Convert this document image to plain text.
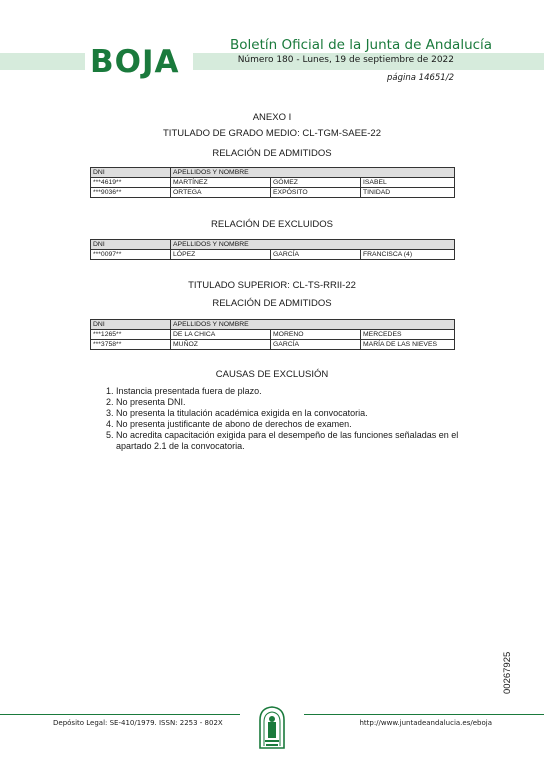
BOJA	Boletín Oficial de la Junta de Andalucía
Número 180 - Lunes, 19 de septiembre de 2022
página 14651/2
ANEXO I
TITULADO DE GRADO MEDIO: CL-TGM-SAEE-22
RELACIÓN DE ADMITIDOS
DNI	APELLIDOS Y NOMBRE		
***4619**	MARTÍNEZ	GÓMEZ	ISABEL
***9036**	ORTEGA	EXPÓSITO	TINIDAD
RELACIÓN DE EXCLUIDOS
DNI	APELLIDOS Y NOMBRE		
***0097**	LÓPEZ	GARCÍA	FRANCISCA (4)
TITULADO SUPERIOR: CL-TS-RRII-22
RELACIÓN DE ADMITIDOS
DNI	APELLIDOS Y NOMBRE		
***1265**	DE LA CHICA	MORENO	MERCEDES
***3758**	MUÑOZ	GARCÍA	MARÍA DE LAS NIEVES
CAUSAS DE EXCLUSIÓN
1. Instancia presentada fuera de plazo.
2. No presenta DNI.
3. No presenta la titulación académica exigida en la convocatoria.
4. No presenta justificante de abono de derechos de examen.
5. No acredita capacitación exigida para el desempeño de las funciones señaladas en el apartado 2.1 de la convocatoria.
00267925
Depósito Legal: SE-410/1979. ISSN: 2253 - 802X	http://www.juntadeandalucia.es/eboja
